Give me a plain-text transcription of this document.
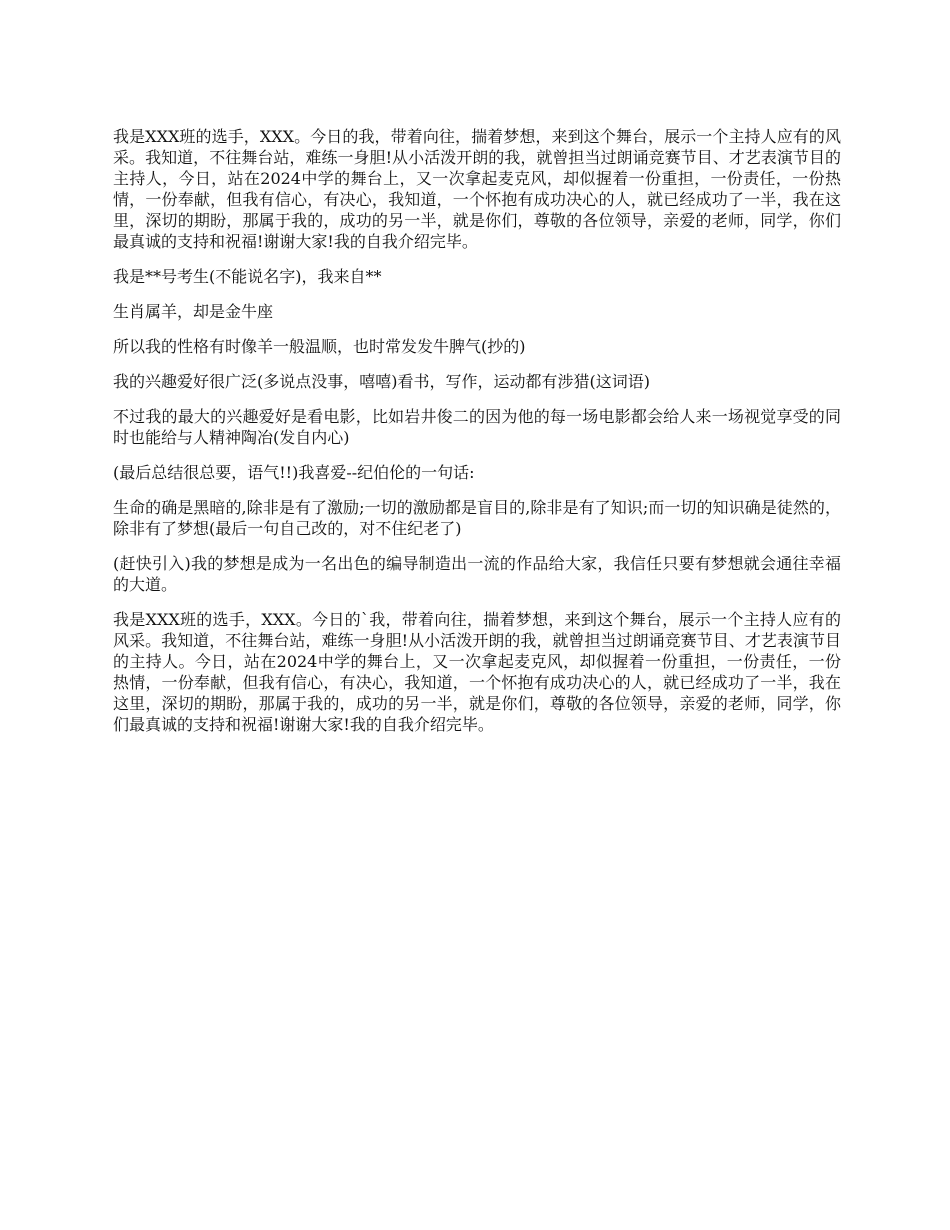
我是XXX班的选手，XXX。今日的我，带着向往，揣着梦想，来到这个舞台，展示一个主持人应有的风采。我知道，不往舞台站，难练一身胆!从小活泼开朗的我，就曾担当过朗诵竞赛节目、才艺表演节目的主持人，今日，站在2024中学的舞台上，又一次拿起麦克风，却似握着一份重担，一份责任，一份热情，一份奉献，但我有信心，有决心，我知道，一个怀抱有成功决心的人，就已经成功了一半，我在这里，深切的期盼，那属于我的，成功的另一半，就是你们，尊敬的各位领导，亲爱的老师，同学，你们最真诚的支持和祝福!谢谢大家!我的自我介绍完毕。

我是**号考生(不能说名字)，我来自**

生肖属羊，却是金牛座

所以我的性格有时像羊一般温顺，也时常发发牛脾气(抄的)

我的兴趣爱好很广泛(多说点没事，嘻嘻)看书，写作，运动都有涉猎(这词语)

不过我的最大的兴趣爱好是看电影，比如岩井俊二的因为他的每一场电影都会给人来一场视觉享受的同时也能给与人精神陶冶(发自内心)

(最后总结很总要，语气!!)我喜爱--纪伯伦的一句话:

生命的确是黑暗的,除非是有了激励;一切的激励都是盲目的,除非是有了知识;而一切的知识确是徒然的，除非有了梦想(最后一句自己改的，对不住纪老了)

(赶快引入)我的梦想是成为一名出色的编导制造出一流的作品给大家，我信任只要有梦想就会通往幸福的大道。

我是XXX班的选手，XXX。今日的`我，带着向往，揣着梦想，来到这个舞台，展示一个主持人应有的风采。我知道，不往舞台站，难练一身胆!从小活泼开朗的我，就曾担当过朗诵竞赛节目、才艺表演节目的主持人。今日，站在2024中学的舞台上，又一次拿起麦克风，却似握着一份重担，一份责任，一份热情，一份奉献，但我有信心，有决心，我知道，一个怀抱有成功决心的人，就已经成功了一半，我在这里，深切的期盼，那属于我的，成功的另一半，就是你们，尊敬的各位领导，亲爱的老师，同学，你们最真诚的支持和祝福!谢谢大家!我的自我介绍完毕。
